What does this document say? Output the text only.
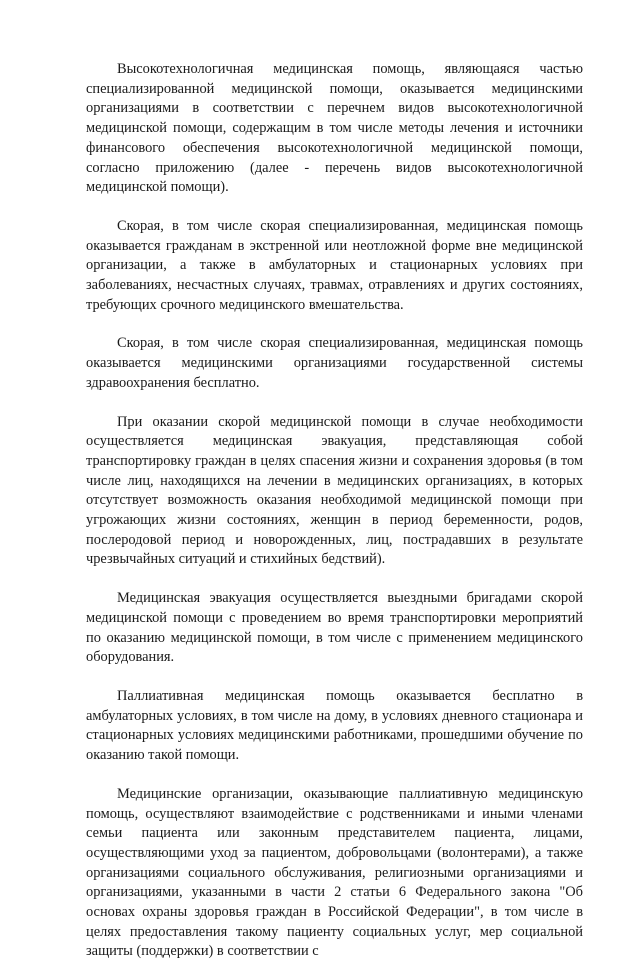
Высокотехнологичная медицинская помощь, являющаяся частью специализированной медицинской помощи, оказывается медицинскими организациями в соответствии с перечнем видов высокотехнологичной медицинской помощи, содержащим в том числе методы лечения и источники финансового обеспечения высокотехнологичной медицинской помощи, согласно приложению (далее - перечень видов высокотехнологичной медицинской помощи).

Скорая, в том числе скорая специализированная, медицинская помощь оказывается гражданам в экстренной или неотложной форме вне медицинской организации, а также в амбулаторных и стационарных условиях при заболеваниях, несчастных случаях, травмах, отравлениях и других состояниях, требующих срочного медицинского вмешательства.

Скорая, в том числе скорая специализированная, медицинская помощь оказывается медицинскими организациями государственной системы здравоохранения бесплатно.

При оказании скорой медицинской помощи в случае необходимости осуществляется медицинская эвакуация, представляющая собой транспортировку граждан в целях спасения жизни и сохранения здоровья (в том числе лиц, находящихся на лечении в медицинских организациях, в которых отсутствует возможность оказания необходимой медицинской помощи при угрожающих жизни состояниях, женщин в период беременности, родов, послеродовой период и новорожденных, лиц, пострадавших в результате чрезвычайных ситуаций и стихийных бедствий).

Медицинская эвакуация осуществляется выездными бригадами скорой медицинской помощи с проведением во время транспортировки мероприятий по оказанию медицинской помощи, в том числе с применением медицинского оборудования.

Паллиативная медицинская помощь оказывается бесплатно в амбулаторных условиях, в том числе на дому, в условиях дневного стационара и стационарных условиях медицинскими работниками, прошедшими обучение по оказанию такой помощи.

Медицинские организации, оказывающие паллиативную медицинскую помощь, осуществляют взаимодействие с родственниками и иными членами семьи пациента или законным представителем пациента, лицами, осуществляющими уход за пациентом, добровольцами (волонтерами), а также организациями социального обслуживания, религиозными организациями и организациями, указанными в части 2 статьи 6 Федерального закона "Об основах охраны здоровья граждан в Российской Федерации", в том числе в целях предоставления такому пациенту социальных услуг, мер социальной защиты (поддержки) в соответствии с
